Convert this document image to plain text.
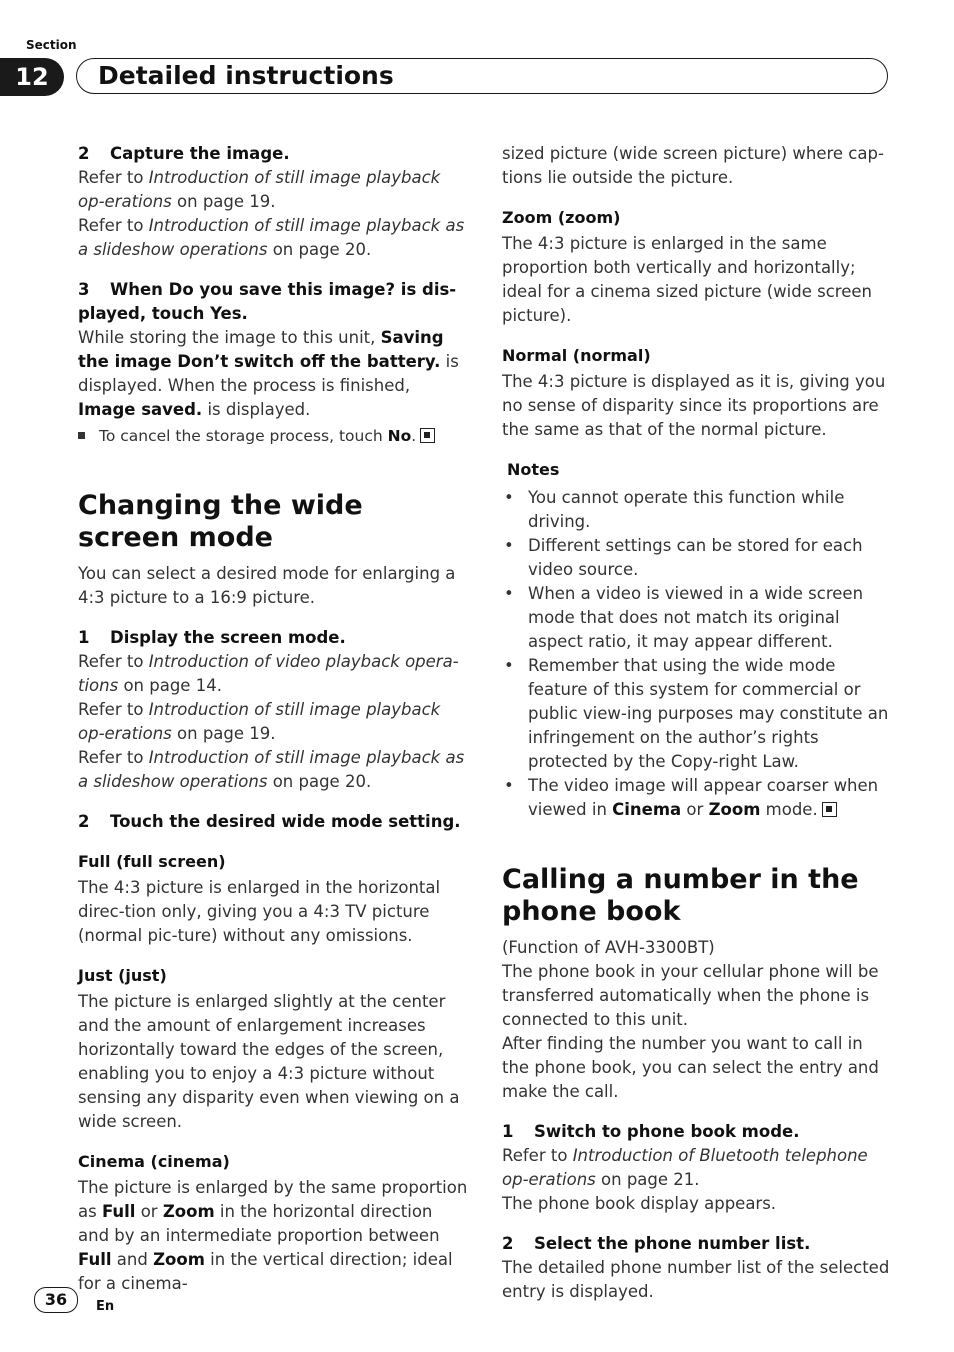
Section
12	Detailed instructions

2 Capture the image.

Refer to Introduction of still image playback op-erations on page 19.

Refer to Introduction of still image playback as a slideshow operations on page 20.

3 When Do you save this image? is dis-played, touch Yes.

While storing the image to this unit, Saving the image Don’t switch off the battery. is displayed. When the process is finished, Image saved. is displayed.

To cancel the storage process, touch No.

Changing the wide screen mode

You can select a desired mode for enlarging a 4:3 picture to a 16:9 picture.

1 Display the screen mode.

Refer to Introduction of video playback opera-tions on page 14.

Refer to Introduction of still image playback op-erations on page 19.

Refer to Introduction of still image playback as a slideshow operations on page 20.

2 Touch the desired wide mode setting.

Full (full screen)

The 4:3 picture is enlarged in the horizontal direc-tion only, giving you a 4:3 TV picture (normal pic-ture) without any omissions.

Just (just)

The picture is enlarged slightly at the center and the amount of enlargement increases horizontally toward the edges of the screen, enabling you to enjoy a 4:3 picture without sensing any disparity even when viewing on a wide screen.

Cinema (cinema)

The picture is enlarged by the same proportion as Full or Zoom in the horizontal direction and by an intermediate proportion between Full and Zoom in the vertical direction; ideal for a cinema-

sized picture (wide screen picture) where cap-tions lie outside the picture.

Zoom (zoom)

The 4:3 picture is enlarged in the same proportion both vertically and horizontally; ideal for a cinema sized picture (wide screen picture).

Normal (normal)

The 4:3 picture is displayed as it is, giving you no sense of disparity since its proportions are the same as that of the normal picture.

Notes

• You cannot operate this function while driving.
• Different settings can be stored for each video source.
• When a video is viewed in a wide screen mode that does not match its original aspect ratio, it may appear different.
• Remember that using the wide mode feature of this system for commercial or public view-ing purposes may constitute an infringement on the author’s rights protected by the Copy-right Law.
• The video image will appear coarser when viewed in Cinema or Zoom mode.
Calling a number in the phone book

(Function of AVH-3300BT)

The phone book in your cellular phone will be transferred automatically when the phone is connected to this unit.

After finding the number you want to call in the phone book, you can select the entry and make the call.

1 Switch to phone book mode.

Refer to Introduction of Bluetooth telephone op-erations on page 21.

The phone book display appears.

2 Select the phone number list.

The detailed phone number list of the selected entry is displayed.

36	En
